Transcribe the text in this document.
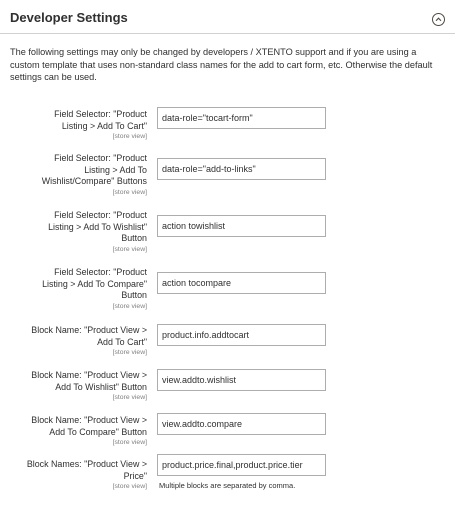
Developer Settings

The following settings may only be changed by developers / XTENTO support and if you are using a custom template that uses non-standard class names for the add to cart form, etc. Otherwise the default settings can be used.

Field Selector: "Product
Listing > Add To Cart"
[store view]
data-role="tocart-form"
Field Selector: "Product
Listing > Add To
Wishlist/Compare" Buttons
[store view]
data-role="add-to-links"
Field Selector: "Product
Listing > Add To Wishlist"
Button
[store view]
action towishlist
Field Selector: "Product
Listing > Add To Compare"
Button
[store view]
action tocompare
Block Name: "Product View >
Add To Cart"
[store view]
product.info.addtocart
Block Name: "Product View >
Add To Wishlist" Button
[store view]
view.addto.wishlist
Block Name: "Product View >
Add To Compare" Button
[store view]
view.addto.compare
Block Names: "Product View >
Price"
[store view]
product.price.final,product.price.tier Multiple blocks are separated by comma.
